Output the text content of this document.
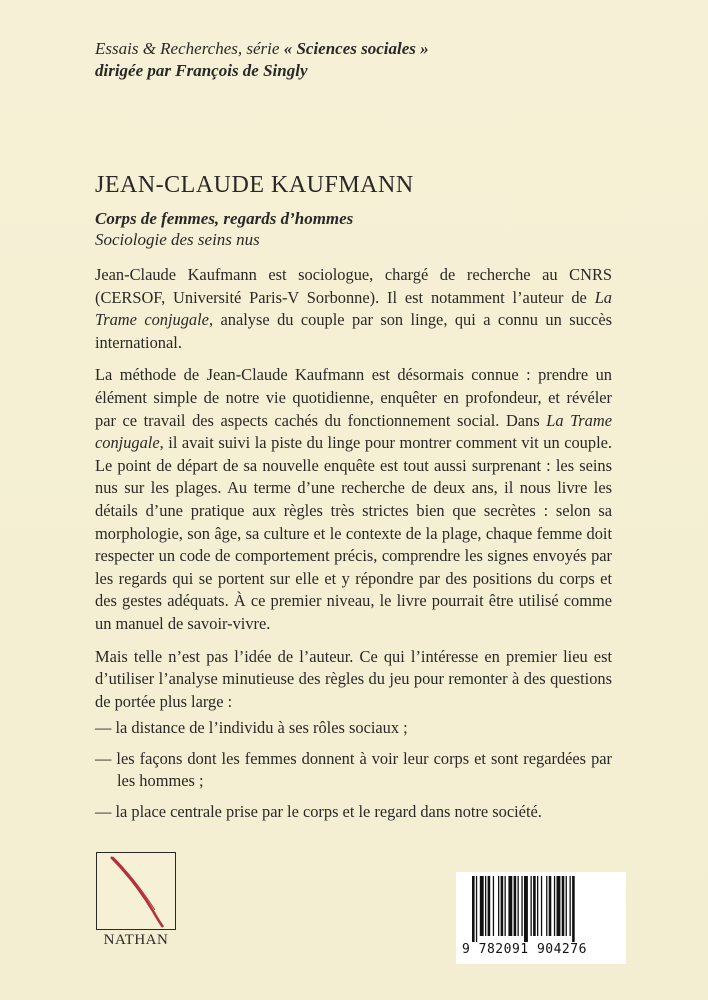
Essais & Recherches, série « Sciences sociales »
dirigée par François de Singly
JEAN-CLAUDE KAUFMANN
Corps de femmes, regards d’hommes
Sociologie des seins nus

Jean-Claude Kaufmann est sociologue, chargé de recherche au CNRS (CERSOF, Université Paris-V Sorbonne). Il est notamment l’auteur de La Trame conjugale, analyse du couple par son linge, qui a connu un succès international.

La méthode de Jean-Claude Kaufmann est désormais connue : prendre un élément simple de notre vie quotidienne, enquêter en profondeur, et révéler par ce travail des aspects cachés du fonctionnement social. Dans La Trame conjugale, il avait suivi la piste du linge pour montrer comment vit un couple. Le point de départ de sa nouvelle enquête est tout aussi surprenant : les seins nus sur les plages. Au terme d’une recherche de deux ans, il nous livre les détails d’une pratique aux règles très strictes bien que secrètes : selon sa morphologie, son âge, sa culture et le contexte de la plage, chaque femme doit respecter un code de comportement précis, comprendre les signes envoyés par les regards qui se portent sur elle et y répondre par des positions du corps et des gestes adéquats. À ce premier niveau, le livre pourrait être utilisé comme un manuel de savoir-vivre.

Mais telle n’est pas l’idée de l’auteur. Ce qui l’intéresse en premier lieu est d’utiliser l’analyse minutieuse des règles du jeu pour remonter à des questions de portée plus large :

— la distance de l’individu à ses rôles sociaux ;
— les façons dont les femmes donnent à voir leur corps et sont regardées par les hommes ;
— la place centrale prise par le corps et le regard dans notre société.
NATHAN
9 782091 904276
